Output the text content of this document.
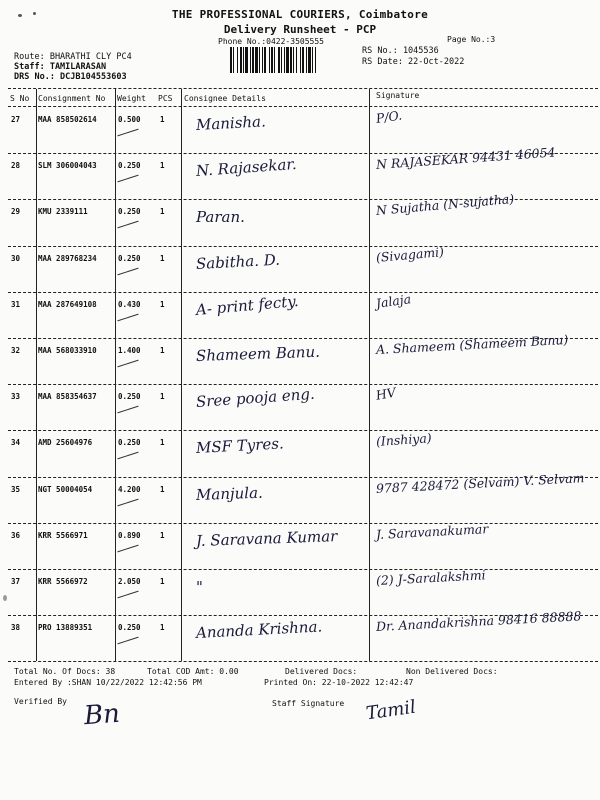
THE PROFESSIONAL COURIERS, Coimbatore
Delivery Runsheet - PCP
Phone No.:0422-3505555	Page No.:3
Route: BHARATHI CLY PC4
Staff: TAMILARASAN
DRS No.: DCJB104553603
RS No.: 1045536
RS Date: 22-Oct-2022
S No Consignment No Weight PCS Consignee Details	Signature
27 MAA 858502614	0.500	1 Manisha.	P/O.
28 SLM 306004043	0.250	1 N. Rajasekar.	N RAJASEKAR 94431 46054
29 KMU 2339111	0.250	1 Paran.	N Sujatha (N-sujatha)
30 MAA 289768234	0.250	1 Sabitha. D.	(Sivagami)
31 MAA 287649108	0.430	1 A- print fecty.	Jalaja
32 MAA 568033910	1.400	1 Shameem Banu.	A. Shameem (Shameem Banu)
33 MAA 858354637	0.250	1 Sree pooja eng.	HV
34 AMD 25604976	0.250	1 MSF Tyres.	(Inshiya)
35 NGT 50004054	4.200	1 Manjula.	9787 428472 (Selvam) V. Selvam
36 KRR 5566971	0.890	1 J. Saravana Kumar	J. Saravanakumar
37 KRR 5566972	2.050	1 "	(2) J-Saralakshmi
38 PRO 13889351	0.250	1 Ananda Krishna.	Dr. Anandakrishna 98416 88888
Total No. Of Docs: 38	Total COD Amt: 0.00	Delivered Docs:	Non Delivered Docs:
Entered By :SHAN 10/22/2022 12:42:56 PM	Printed On: 22-10-2022 12:42:47
Verified By	Staff Signature
Bn	Tamil
